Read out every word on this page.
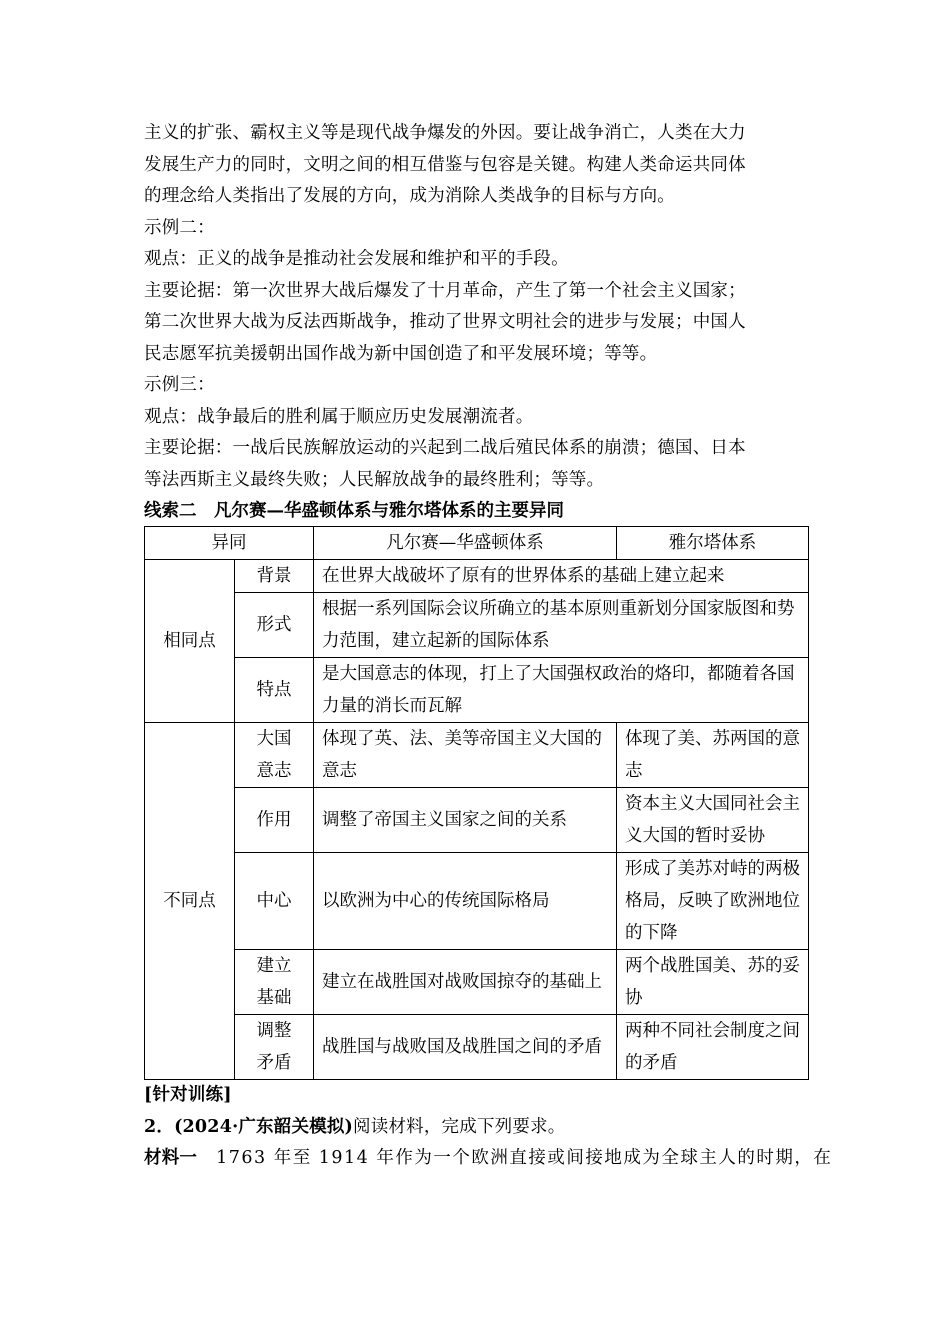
主义的扩张、霸权主义等是现代战争爆发的外因。要让战争消亡，人类在大力
发展生产力的同时，文明之间的相互借鉴与包容是关键。构建人类命运共同体
的理念给人类指出了发展的方向，成为消除人类战争的目标与方向。
示例二：
观点：正义的战争是推动社会发展和维护和平的手段。
主要论据：第一次世界大战后爆发了十月革命，产生了第一个社会主义国家；
第二次世界大战为反法西斯战争，推动了世界文明社会的进步与发展；中国人
民志愿军抗美援朝出国作战为新中国创造了和平发展环境；等等。
示例三：
观点：战争最后的胜利属于顺应历史发展潮流者。
主要论据：一战后民族解放运动的兴起到二战后殖民体系的崩溃；德国、日本
等法西斯主义最终失败；人民解放战争的最终胜利；等等。
线索二　凡尔赛—华盛顿体系与雅尔塔体系的主要异同
异同		凡尔赛—华盛顿体系	雅尔塔体系
相同点	背景	在世界大战破坏了原有的世界体系的基础上建立起来	
	形式	根据一系列国际会议所确立的基本原则重新划分国家版图和势力范围，建立起新的国际体系	
	特点	是大国意志的体现，打上了大国强权政治的烙印，都随着各国力量的消长而瓦解	
不同点	大国意志	体现了英、法、美等帝国主义大国的意志	体现了美、苏两国的意志
	作用	调整了帝国主义国家之间的关系	资本主义大国同社会主义大国的暂时妥协
	中心	以欧洲为中心的传统国际格局	形成了美苏对峙的两极格局，反映了欧洲地位的下降
	建立基础	建立在战胜国对战败国掠夺的基础上	两个战胜国美、苏的妥协
	调整矛盾	战胜国与战败国及战胜国之间的矛盾	两种不同社会制度之间的矛盾
[针对训练]
2．(2024·广东韶关模拟)阅读材料，完成下列要求。
材料一　1763 年至 1914 年作为一个欧洲直接或间接地成为全球主人的时期，在
